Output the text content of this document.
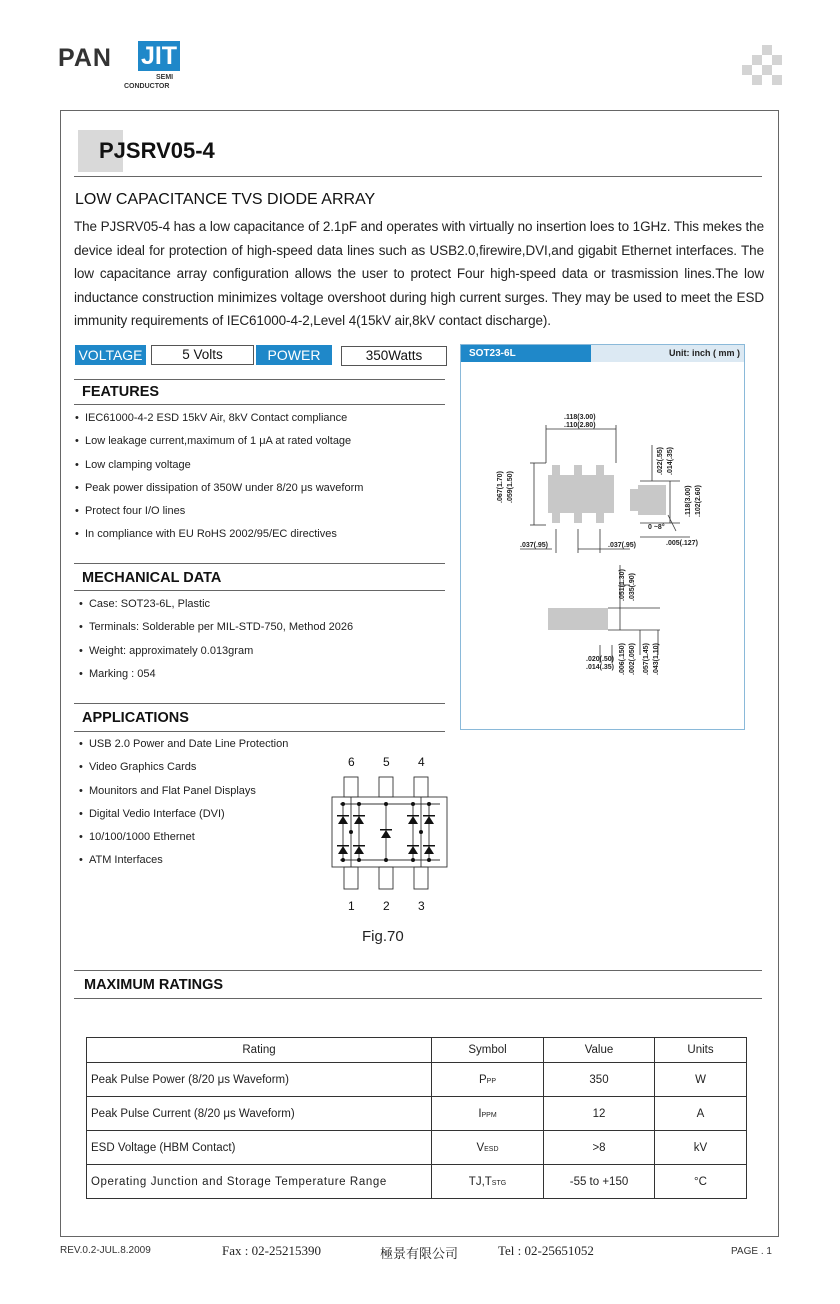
PAN JIT
SEMI
CONDUCTOR
PJSRV05-4
LOW CAPACITANCE TVS DIODE ARRAY
The PJSRV05-4 has a low capacitance of 2.1pF and operates with virtually no insertion loes to 1GHz. This mekes the device ideal for protection of high-speed data lines such as USB2.0,firewire,DVI,and gigabit Ethernet interfaces. The low capacitance array configuration allows the user to protect Four high-speed data or trasmission lines.The low inductance construction minimizes voltage overshoot during high current surges. They may be used to meet the ESD immunity requirements of IEC61000-4-2,Level 4(15kV air,8kV contact discharge).
VOLTAGE	5 Volts	POWER	350Watts
FEATURES
•  IEC61000-4-2 ESD 15kV Air, 8kV Contact compliance
•  Low leakage current,maximum of 1 μA at rated voltage
•  Low clamping voltage
•  Peak power dissipation of 350W under 8/20 μs waveform
•  Protect four I/O lines
•  In compliance with EU RoHS 2002/95/EC directives
MECHANICAL DATA
•  Case: SOT23-6L, Plastic
•  Terminals: Solderable per MIL-STD-750, Method 2026
•  Weight: approximately 0.013gram
•  Marking : 054
APPLICATIONS
•  USB 2.0 Power and Date Line Protection
•  Video Graphics Cards
•  Mounitors and Flat Panel Displays
•  Digital Vedio Interface (DVI)
•  10/100/1000 Ethernet
•  ATM Interfaces
SOT23-6L	Unit: inch ( mm )
.118(3.00)
.110(2.80)
.067(1.70) .059(1.50)
.022(.55) .014(.35)
.118(3.00) .102(2.60)
.037(.95)	.037(.95)
0 ~8°
.005(.127)
.051(1.30) .035(.90)
.020(.50)
.014(.35) .006(.150) .002(.050) .057(1.45) .043(1.10)
6 5 4
1 2 3
Fig.70
MAXIMUM RATINGS
Rating	Symbol	Value	Units
Peak Pulse Power (8/20 μs Waveform)	PPP	350	W
Peak Pulse Current (8/20 μs Waveform)	IPPM	12	A
ESD Voltage (HBM Contact)	VESD	>8	kV
Operating Junction and Storage Temperature Range	TJ,TSTG	-55 to +150	°C
REV.0.2-JUL.8.2009	Fax : 02-25215390	極景有限公司	Tel : 02-25651052	PAGE . 1
